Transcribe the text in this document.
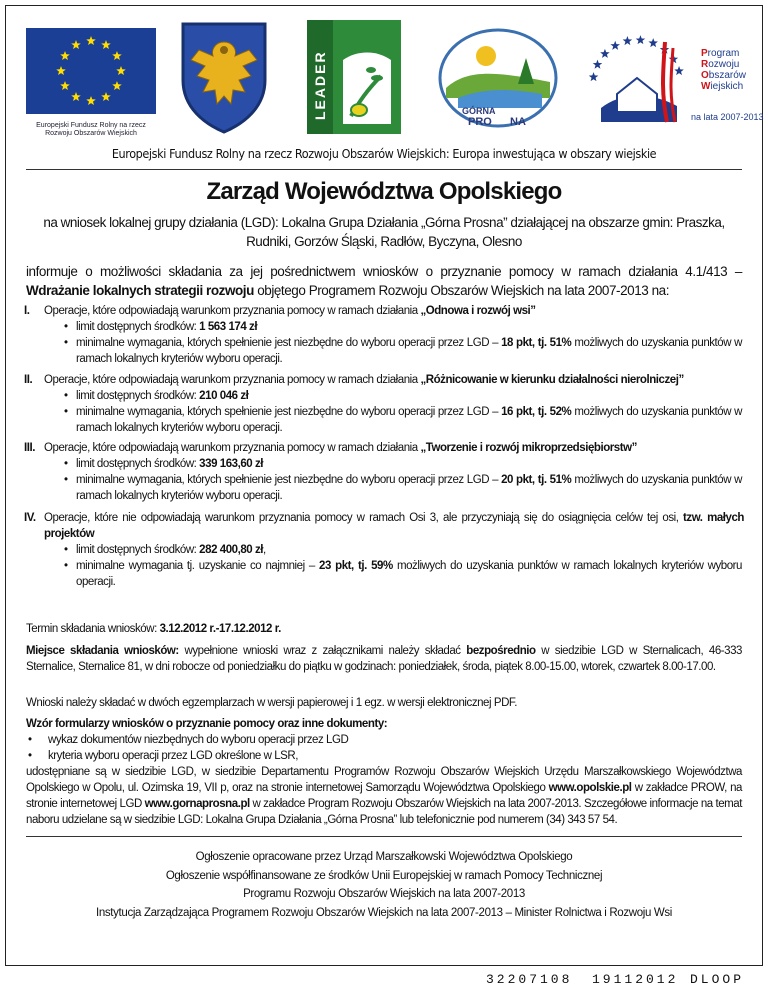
Europejski Fundusz Rolny na rzecz Rozwoju Obszarów Wiejskich
LEADER	GÓRNA
PRO NA
Program
Rozwoju
Obszarów
Wiejskich
na lata 2007-2013
Europejski Fundusz Rolny na rzecz Rozwoju Obszarów Wiejskich: Europa inwestująca w obszary wiejskie
Zarząd Województwa Opolskiego
na wniosek lokalnej grupy działania (LGD): Lokalna Grupa Działania „Górna Prosna” działającej na obszarze gmin: Praszka, Rudniki, Gorzów Śląski, Radłów, Byczyna, Olesno
informuje o możliwości składania za jej pośrednictwem wniosków o przyznanie pomocy w ramach działania 4.1/413 – Wdrażanie lokalnych strategii rozwoju objętego Programem Rozwoju Obszarów Wiejskich na lata 2007-2013 na:
I. Operacje, które odpowiadają warunkom przyznania pomocy w ramach działania „Odnowa i rozwój wsi”
• limit dostępnych środków: 1 563 174 zł
• minimalne wymagania, których spełnienie jest niezbędne do wyboru operacji przez LGD – 18 pkt, tj. 51% możliwych do uzyskania punktów w ramach lokalnych kryteriów wyboru operacji.
II. Operacje, które odpowiadają warunkom przyznania pomocy w ramach działania „Różnicowanie w kierunku działalności nierolniczej”
• limit dostępnych środków: 210 046 zł
• minimalne wymagania, których spełnienie jest niezbędne do wyboru operacji przez LGD – 16 pkt, tj. 52% możliwych do uzyskania punktów w ramach lokalnych kryteriów wyboru operacji.
III. Operacje, które odpowiadają warunkom przyznania pomocy w ramach działania „Tworzenie i rozwój mikroprzedsiębiorstw”
• limit dostępnych środków: 339 163,60 zł
• minimalne wymagania, których spełnienie jest niezbędne do wyboru operacji przez LGD – 20 pkt, tj. 51% możliwych do uzyskania punktów w ramach lokalnych kryteriów wyboru operacji.
IV. Operacje, które nie odpowiadają warunkom przyznania pomocy w ramach Osi 3, ale przyczyniają się do osiągnięcia celów tej osi, tzw. małych projektów
• limit dostępnych środków: 282 400,80 zł,
• minimalne wymagania tj. uzyskanie co najmniej – 23 pkt, tj. 59% możliwych do uzyskania punktów w ramach lokalnych kryteriów wyboru operacji.
Termin składania wniosków: 3.12.2012 r.-17.12.2012 r.
Miejsce składania wniosków: wypełnione wnioski wraz z załącznikami należy składać bezpośrednio w siedzibie LGD w Sternalicach, 46-333 Sternalice, Sternalice 81, w dni robocze od poniedziałku do piątku w godzinach: poniedziałek, środa, piątek 8.00-15.00, wtorek, czwartek 8.00-17.00.
Wnioski należy składać w dwóch egzemplarzach w wersji papierowej i 1 egz. w wersji elektronicznej PDF.
Wzór formularzy wniosków o przyznanie pomocy oraz inne dokumenty:
• wykaz dokumentów niezbędnych do wyboru operacji przez LGD
• kryteria wyboru operacji przez LGD określone w LSR,
udostępniane są w siedzibie LGD, w siedzibie Departamentu Programów Rozwoju Obszarów Wiejskich Urzędu Marszałkowskiego Województwa Opolskiego w Opolu, ul. Ozimska 19, VII p, oraz na stronie internetowej Samorządu Województwa Opolskiego www.opolskie.pl w zakładce PROW, na stronie internetowej LGD www.gornaprosna.pl w zakładce Program Rozwoju Obszarów Wiejskich na lata 2007-2013. Szczegółowe informacje na temat naboru udzielane są w siedzibie LGD: Lokalna Grupa Działania „Górna Prosna” lub telefonicznie pod numerem (34) 343 57 54.
Ogłoszenie opracowane przez Urząd Marszałkowski Województwa Opolskiego
Ogłoszenie współfinansowane ze środków Unii Europejskiej w ramach Pomocy Technicznej
Programu Rozwoju Obszarów Wiejskich na lata 2007-2013
Instytucja Zarządzająca Programem Rozwoju Obszarów Wiejskich na lata 2007-2013 – Minister Rolnictwa i Rozwoju Wsi
32207108 19112012 DLOOP
